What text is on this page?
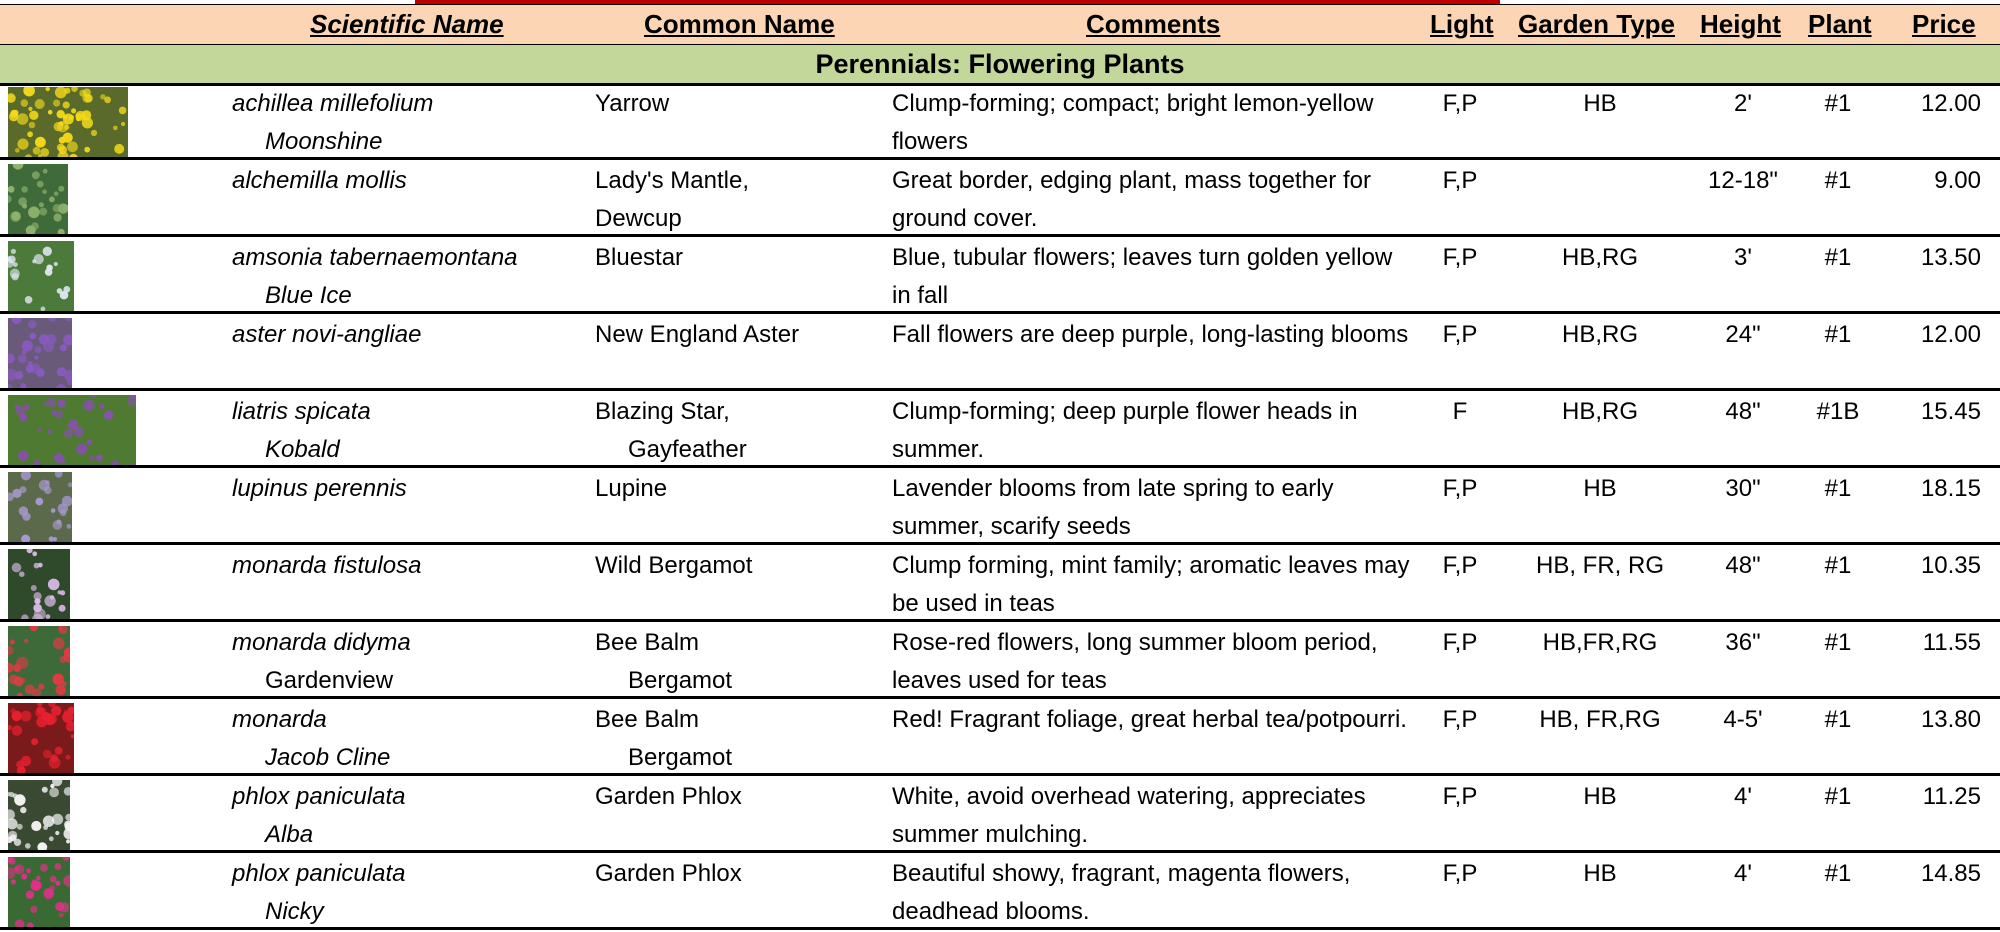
Scientific Name	Common Name	Comments	Light Garden Type Height Plant Price
Perennials: Flowering Plants
achillea millefolium
Moonshine
Yarrow	Clump-forming; compact; bright lemon-yellow flowers
F,P	HB	2'	#1	12.00
alchemilla mollis	Lady's Mantle,
Dewcup
Great border, edging plant, mass together for ground cover.
F,P	12-18"	#1	9.00
amsonia tabernaemontana
Blue Ice
Bluestar	Blue, tubular flowers; leaves turn golden yellow in fall
F,P	HB,RG	3'	#1	13.50
aster novi-angliae	New England Aster	Fall flowers are deep purple, long-lasting blooms	F,P	HB,RG	24"	#1	12.00
liatris spicata
Kobald
Blazing Star,
Gayfeather
Clump-forming; deep purple flower heads in summer.
F	HB,RG	48"	#1B	15.45
lupinus perennis	Lupine	Lavender blooms from late spring to early summer, scarify seeds
F,P	HB	30"	#1	18.15
monarda fistulosa	Wild Bergamot	Clump forming, mint family; aromatic leaves may be used in teas
F,P	HB, FR, RG	48"	#1	10.35
monarda didyma
Gardenview
Bee Balm
Bergamot
Rose-red flowers, long summer bloom period, leaves used for teas
F,P	HB,FR,RG	36"	#1	11.55
monarda
Jacob Cline
Bee Balm
Bergamot
Red! Fragrant foliage, great herbal tea/potpourri.	F,P	HB, FR,RG	4-5'	#1	13.80
phlox paniculata
Alba
Garden Phlox	White, avoid overhead watering, appreciates summer mulching.
F,P	HB	4'	#1	11.25
phlox paniculata
Nicky
Garden Phlox	Beautiful showy, fragrant, magenta flowers, deadhead blooms.
F,P	HB	4'	#1	14.85
